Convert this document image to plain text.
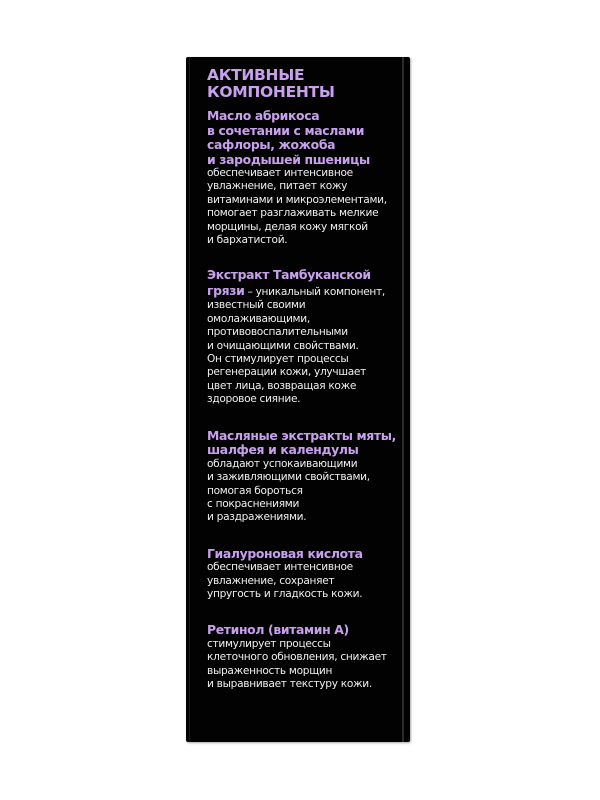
АКТИВНЫЕ
КОМПОНЕНТЫ
Масло абрикоса
в сочетании с маслами
сафлоры, жожоба
и зародышей пшеницы
обеспечивает интенсивное
увлажнение, питает кожу
витаминами и микроэлементами,
помогает разглаживать мелкие
морщины, делая кожу мягкой
и бархатистой.
Экстракт Тамбуканской
грязи – уникальный компонент,
известный своими
омолаживающими,
противовоспалительными
и очищающими свойствами.
Он стимулирует процессы
регенерации кожи, улучшает
цвет лица, возвращая коже
здоровое сияние.
Масляные экстракты мяты,
шалфея и календулы
обладают успокаивающими
и заживляющими свойствами,
помогая бороться
с покраснениями
и раздражениями.
Гиалуроновая кислота
обеспечивает интенсивное
увлажнение, сохраняет
упругость и гладкость кожи.
Ретинол (витамин А)
стимулирует процессы
клеточного обновления, снижает
выраженность морщин
и выравнивает текстуру кожи.
